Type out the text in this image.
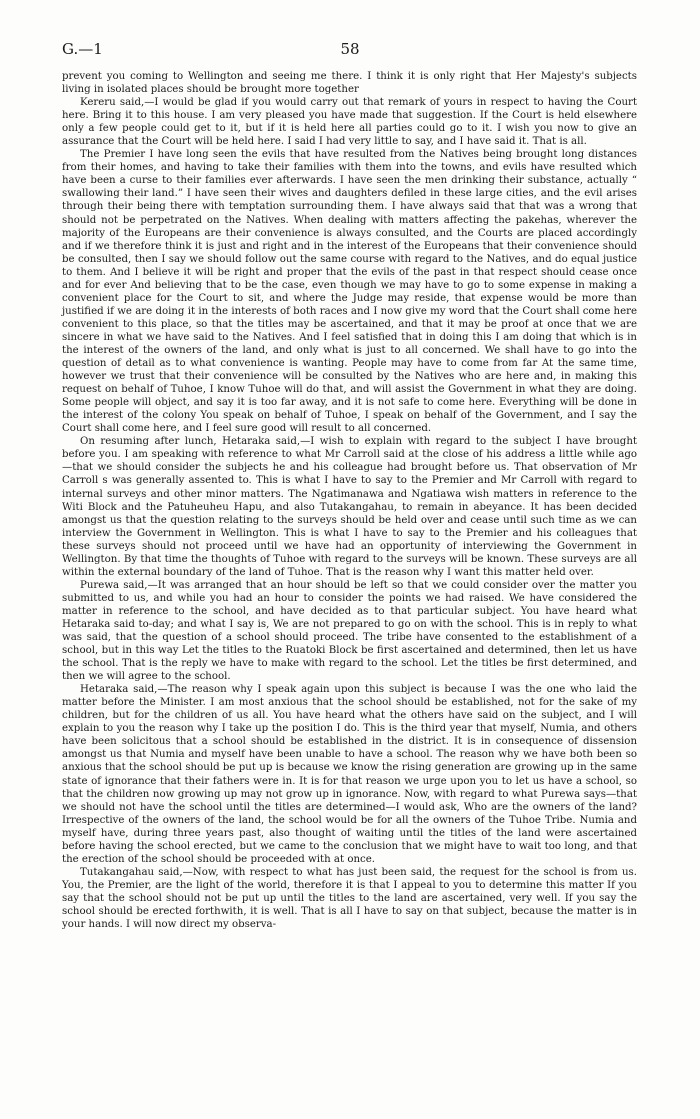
G.—1	58

prevent you coming to Wellington and seeing me there. I think it is only right that Her Majesty's subjects living in isolated places should be brought more together

Kereru said,—I would be glad if you would carry out that remark of yours in respect to having the Court here. Bring it to this house. I am very pleased you have made that suggestion. If the Court is held elsewhere only a few people could get to it, but if it is held here all parties could go to it. I wish you now to give an assurance that the Court will be held here. I said I had very little to say, and I have said it. That is all.

The Premier I have long seen the evils that have resulted from the Natives being brought long distances from their homes, and having to take their families with them into the towns, and evils have resulted which have been a curse to their families ever afterwards. I have seen the men drinking their substance, actually “ swallowing their land.” I have seen their wives and daughters defiled in these large cities, and the evil arises through their being there with temptation surrounding them. I have always said that that was a wrong that should not be perpetrated on the Natives. When dealing with matters affecting the pakehas, wherever the majority of the Europeans are their convenience is always consulted, and the Courts are placed accordingly and if we therefore think it is just and right and in the interest of the Europeans that their convenience should be consulted, then I say we should follow out the same course with regard to the Natives, and do equal justice to them. And I believe it will be right and proper that the evils of the past in that respect should cease once and for ever And believing that to be the case, even though we may have to go to some expense in making a convenient place for the Court to sit, and where the Judge may reside, that expense would be more than justified if we are doing it in the interests of both races and I now give my word that the Court shall come here convenient to this place, so that the titles may be ascertained, and that it may be proof at once that we are sincere in what we have said to the Natives. And I feel satisfied that in doing this I am doing that which is in the interest of the owners of the land, and only what is just to all concerned. We shall have to go into the question of detail as to what convenience is wanting. People may have to come from far At the same time, however we trust that their convenience will be consulted by the Natives who are here and, in making this request on behalf of Tuhoe, I know Tuhoe will do that, and will assist the Government in what they are doing. Some people will object, and say it is too far away, and it is not safe to come here. Everything will be done in the interest of the colony You speak on behalf of Tuhoe, I speak on behalf of the Government, and I say the Court shall come here, and I feel sure good will result to all concerned.

On resuming after lunch, Hetaraka said,—I wish to explain with regard to the subject I have brought before you. I am speaking with reference to what Mr Carroll said at the close of his address a little while ago—that we should consider the subjects he and his colleague had brought before us. That observation of Mr Carroll s was generally assented to. This is what I have to say to the Premier and Mr Carroll with regard to internal surveys and other minor matters. The Ngatimanawa and Ngatiawa wish matters in reference to the Witi Block and the Patuheuheu Hapu, and also Tutakangahau, to remain in abeyance. It has been decided amongst us that the question relating to the surveys should be held over and cease until such time as we can interview the Government in Wellington. This is what I have to say to the Premier and his colleagues that these surveys should not proceed until we have had an opportunity of interviewing the Government in Wellington. By that time the thoughts of Tuhoe with regard to the surveys will be known. These surveys are all within the external boundary of the land of Tuhoe. That is the reason why I want this matter held over.

Purewa said,—It was arranged that an hour should be left so that we could consider over the matter you submitted to us, and while you had an hour to consider the points we had raised. We have considered the matter in reference to the school, and have decided as to that particular subject. You have heard what Hetaraka said to-day; and what I say is, We are not prepared to go on with the school. This is in reply to what was said, that the question of a school should proceed. The tribe have consented to the establishment of a school, but in this way Let the titles to the Ruatoki Block be first ascertained and determined, then let us have the school. That is the reply we have to make with regard to the school. Let the titles be first determined, and then we will agree to the school.

Hetaraka said,—The reason why I speak again upon this subject is because I was the one who laid the matter before the Minister. I am most anxious that the school should be established, not for the sake of my children, but for the children of us all. You have heard what the others have said on the subject, and I will explain to you the reason why I take up the position I do. This is the third year that myself, Numia, and others have been solicitous that a school should be established in the district. It is in consequence of dissension amongst us that Numia and myself have been unable to have a school. The reason why we have both been so anxious that the school should be put up is because we know the rising generation are growing up in the same state of ignorance that their fathers were in. It is for that reason we urge upon you to let us have a school, so that the children now growing up may not grow up in ignorance. Now, with regard to what Purewa says—that we should not have the school until the titles are determined—I would ask, Who are the owners of the land? Irrespective of the owners of the land, the school would be for all the owners of the Tuhoe Tribe. Numia and myself have, during three years past, also thought of waiting until the titles of the land were ascertained before having the school erected, but we came to the conclusion that we might have to wait too long, and that the erection of the school should be proceeded with at once.

Tutakangahau said,—Now, with respect to what has just been said, the request for the school is from us. You, the Premier, are the light of the world, therefore it is that I appeal to you to determine this matter If you say that the school should not be put up until the titles to the land are ascertained, very well. If you say the school should be erected forthwith, it is well. That is all I have to say on that subject, because the matter is in your hands. I will now direct my observa-
